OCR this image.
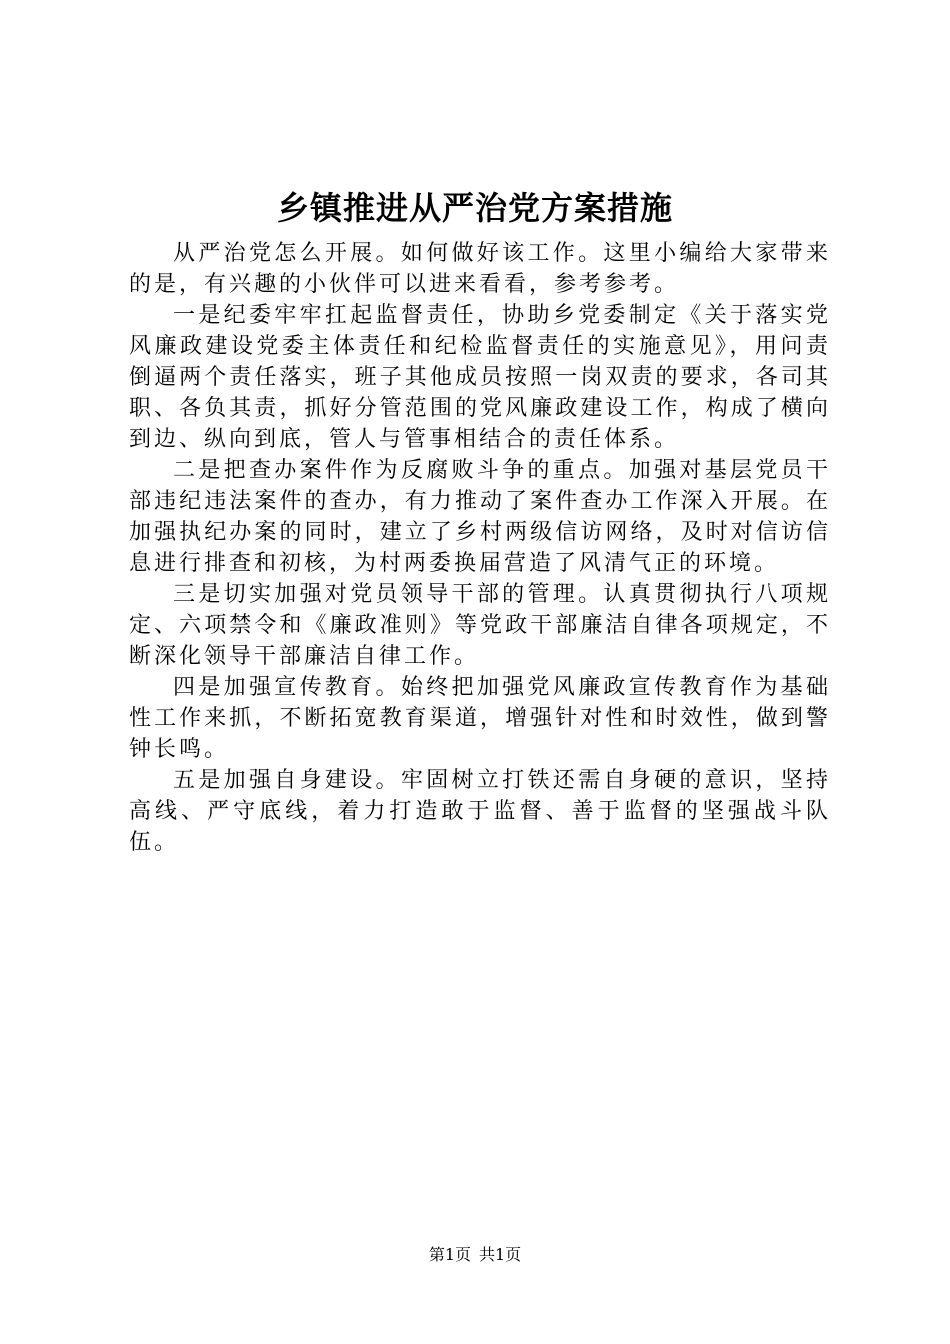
乡镇推进从严治党方案措施

从严治党怎么开展。如何做好该工作。这里小编给大家带来的是，有兴趣的小伙伴可以进来看看，参考参考。

一是纪委牢牢扛起监督责任，协助乡党委制定《关于落实党风廉政建设党委主体责任和纪检监督责任的实施意见》，用问责倒逼两个责任落实，班子其他成员按照一岗双责的要求，各司其职、各负其责，抓好分管范围的党风廉政建设工作，构成了横向到边、纵向到底，管人与管事相结合的责任体系。

二是把查办案件作为反腐败斗争的重点。加强对基层党员干部违纪违法案件的查办，有力推动了案件查办工作深入开展。在加强执纪办案的同时，建立了乡村两级信访网络，及时对信访信息进行排查和初核，为村两委换届营造了风清气正的环境。

三是切实加强对党员领导干部的管理。认真贯彻执行八项规定、六项禁令和《廉政准则》等党政干部廉洁自律各项规定，不断深化领导干部廉洁自律工作。

四是加强宣传教育。始终把加强党风廉政宣传教育作为基础性工作来抓，不断拓宽教育渠道，增强针对性和时效性，做到警钟长鸣。

五是加强自身建设。牢固树立打铁还需自身硬的意识，坚持高线、严守底线，着力打造敢于监督、善于监督的坚强战斗队伍。

第1页 共1页
